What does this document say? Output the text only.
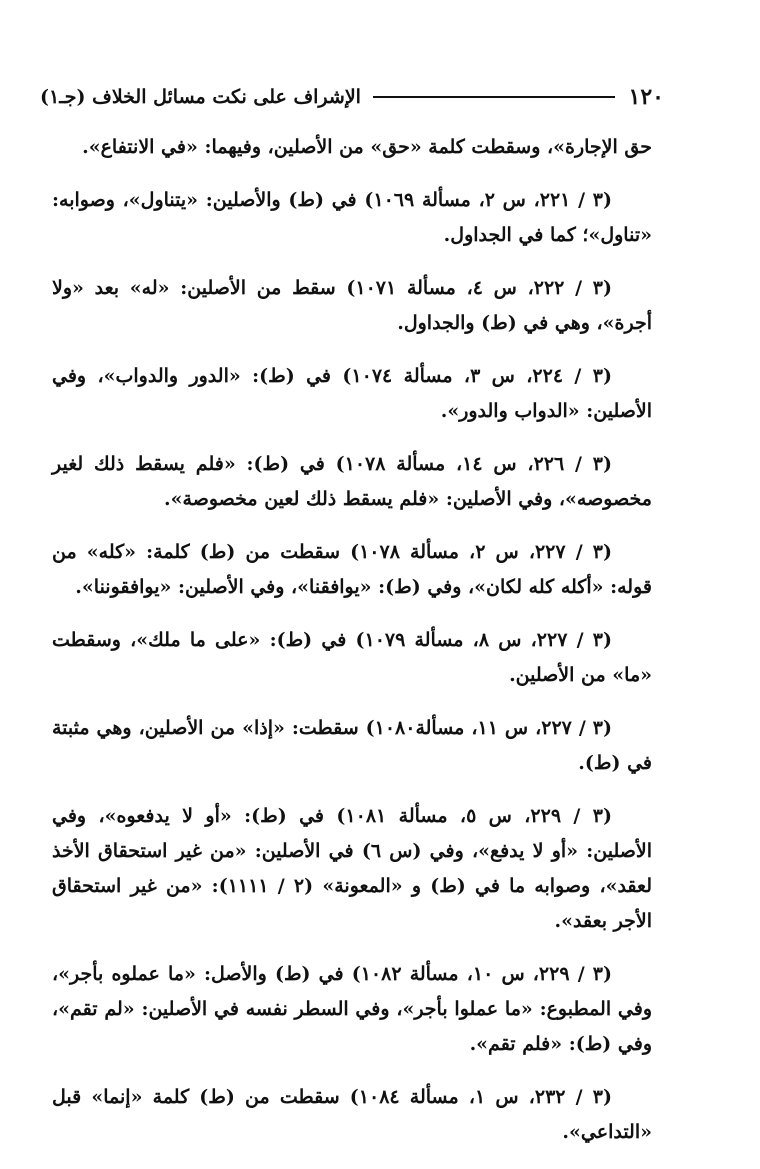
١٢٠
الإشراف على نكت مسائل الخلاف (جـ١)

حق الإجارة»، وسقطت كلمة «حق» من الأصلين، وفيهما: «في الانتفاع».

(٣ / ٢٢١، س ٢، مسألة ١٠٦٩) في (ط) والأصلين: «يتناول»، وصوابه: «تناول»؛ كما في الجداول.

(٣ / ٢٢٢، س ٤، مسألة ١٠٧١) سقط من الأصلين: «له» بعد «ولا أجرة»، وهي في (ط) والجداول.

(٣ / ٢٢٤، س ٣، مسألة ١٠٧٤) في (ط): «الدور والدواب»، وفي الأصلين: «الدواب والدور».

(٣ / ٢٢٦، س ١٤، مسألة ١٠٧٨) في (ط): «فلم يسقط ذلك لغير مخصوصه»، وفي الأصلين: «فلم يسقط ذلك لعين مخصوصة».

(٣ / ٢٢٧، س ٢، مسألة ١٠٧٨) سقطت من (ط) كلمة: «كله» من قوله: «أكله كله لكان»، وفي (ط): «يوافقنا»، وفي الأصلين: «يوافقوننا».

(٣ / ٢٢٧، س ٨، مسألة ١٠٧٩) في (ط): «على ما ملك»، وسقطت «ما» من الأصلين.

(٣ / ٢٢٧، س ١١، مسألة١٠٨٠) سقطت: «إذا» من الأصلين، وهي مثبتة في (ط).

(٣ / ٢٢٩، س ٥، مسألة ١٠٨١) في (ط): «أو لا يدفعوه»، وفي الأصلين: «أو لا يدفع»، وفي (س ٦) في الأصلين: «من غير استحقاق الأخذ لعقد»، وصوابه ما في (ط) و «المعونة» (٢ / ١١١١): «من غير استحقاق الأجر بعقد».

(٣ / ٢٢٩، س ١٠، مسألة ١٠٨٢) في (ط) والأصل: «ما عملوه بأجر»، وفي المطبوع: «ما عملوا بأجر»، وفي السطر نفسه في الأصلين: «لم تقم»، وفي (ط): «فلم تقم».

(٣ / ٢٣٢، س ١، مسألة ١٠٨٤) سقطت من (ط) كلمة «إنما» قبل «التداعي».
